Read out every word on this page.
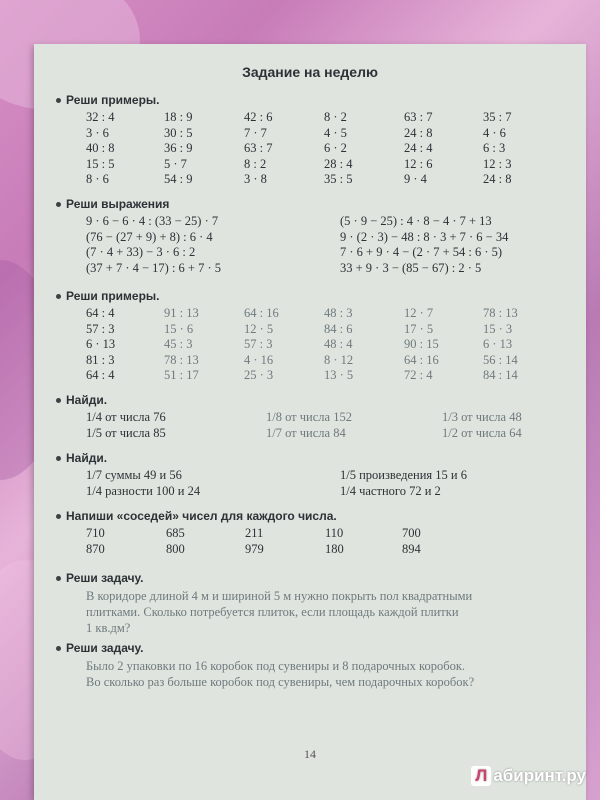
Задание на неделю
Реши примеры.
32 : 4	18 : 9	42 : 6	8 · 2	63 : 7	35 : 7
3 · 6	30 : 5	7 · 7	4 · 5	24 : 8	4 · 6
40 : 8	36 : 9	63 : 7	6 · 2	24 : 4	6 : 3
15 : 5	5 · 7	8 : 2	28 : 4	12 : 6	12 : 3
8 · 6	54 : 9	3 · 8	35 : 5	9 · 4	24 : 8
Реши выражения
9 · 6 − 6 · 4 : (33 − 25) · 7	(5 · 9 − 25) : 4 · 8 − 4 · 7 + 13
(76 − (27 + 9) + 8) : 6 · 4	9 · (2 · 3) − 48 : 8 · 3 + 7 · 6 − 34
(7 · 4 + 33) − 3 · 6 : 2	7 · 6 + 9 · 4 − (2 · 7 + 54 : 6 · 5)
(37 + 7 · 4 − 17) : 6 + 7 · 5	33 + 9 · 3 − (85 − 67) : 2 · 5
Реши примеры.
64 : 4	91 : 13	64 : 16	48 : 3	12 · 7	78 : 13
57 : 3	15 · 6	12 · 5	84 : 6	17 · 5	15 · 3
6 · 13	45 : 3	57 : 3	48 : 4	90 : 15	6 · 13
81 : 3	78 : 13	4 · 16	8 · 12	64 : 16	56 : 14
64 : 4	51 : 17	25 · 3	13 · 5	72 : 4	84 : 14
Найди.
1/4 от числа 76	1/8 от числа 152	1/3 от числа 48
1/5 от числа 85	1/7 от числа 84	1/2 от числа 64
Найди.
1/7 суммы 49 и 56	1/5 произведения 15 и 6
1/4 разности 100 и 24	1/4 частного 72 и 2
Напиши «соседей» чисел для каждого числа.
710	685	211	110	700
870	800	979	180	894
Реши задачу.
В коридоре длиной 4 м и шириной 5 м нужно покрыть пол квадратными
плитками. Сколько потребуется плиток, если площадь каждой плитки
1 кв.дм?
Реши задачу.
Было 2 упаковки по 16 коробок под сувениры и 8 подарочных коробок.
Во сколько раз больше коробок под сувениры, чем подарочных коробок?
14
Л абиринт.ру
